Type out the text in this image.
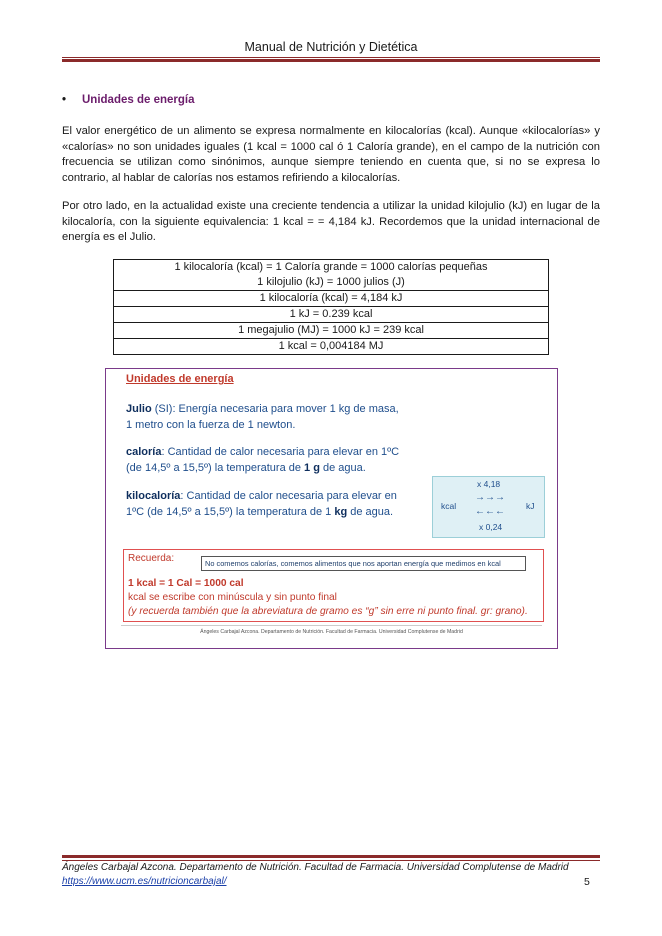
Manual de Nutrición y Dietética
• Unidades de energía
El valor energético de un alimento se expresa normalmente en kilocalorías (kcal). Aunque «kilocalorías» y «calorías» no son unidades iguales (1 kcal = 1000 cal ó 1 Caloría grande), en el campo de la nutrición con frecuencia se utilizan como sinónimos, aunque siempre teniendo en cuenta que, si no se expresa lo contrario, al hablar de calorías nos estamos refiriendo a kilocalorías.
Por otro lado, en la actualidad existe una creciente tendencia a utilizar la unidad kilojulio (kJ) en lugar de la kilocaloría, con la siguiente equivalencia: 1 kcal = = 4,184 kJ. Recordemos que la unidad internacional de energía es el Julio.
1 kilocaloría (kcal) = 1 Caloría grande = 1000 calorías pequeñas
1 kilojulio (kJ) = 1000 julios (J)

1 kilocaloría (kcal) = 4,184 kJ
1 kJ = 0.239 kcal
1 megajulio (MJ) = 1000 kJ = 239 kcal
1 kcal = 0,004184 MJ
Unidades de energía
Julio (SI): Energía necesaria para mover 1 kg de masa,
1 metro con la fuerza de 1 newton.
caloría: Cantidad de calor necesaria para elevar en 1ºC
(de 14,5º a 15,5º) la temperatura de 1 g de agua.
kilocaloría: Cantidad de calor necesaria para elevar en
1ºC (de 14,5º a 15,5º) la temperatura de 1 kg de agua.
x 4,18
kcal
→→→
←←← kJ
x 0,24
Recuerda:	No comemos calorías, comemos alimentos que nos aportan energía que medimos en kcal
1 kcal = 1 Cal = 1000 cal
kcal se escribe con minúscula y sin punto final
(y recuerda también que la abreviatura de gramo es “g” sin erre ni punto final. gr: grano).
Ángeles Carbajal Azcona. Departamento de Nutrición. Facultad de Farmacia. Universidad Complutense de Madrid
Ángeles Carbajal Azcona. Departamento de Nutrición. Facultad de Farmacia. Universidad Complutense de Madrid
https://www.ucm.es/nutricioncarbajal/	5
